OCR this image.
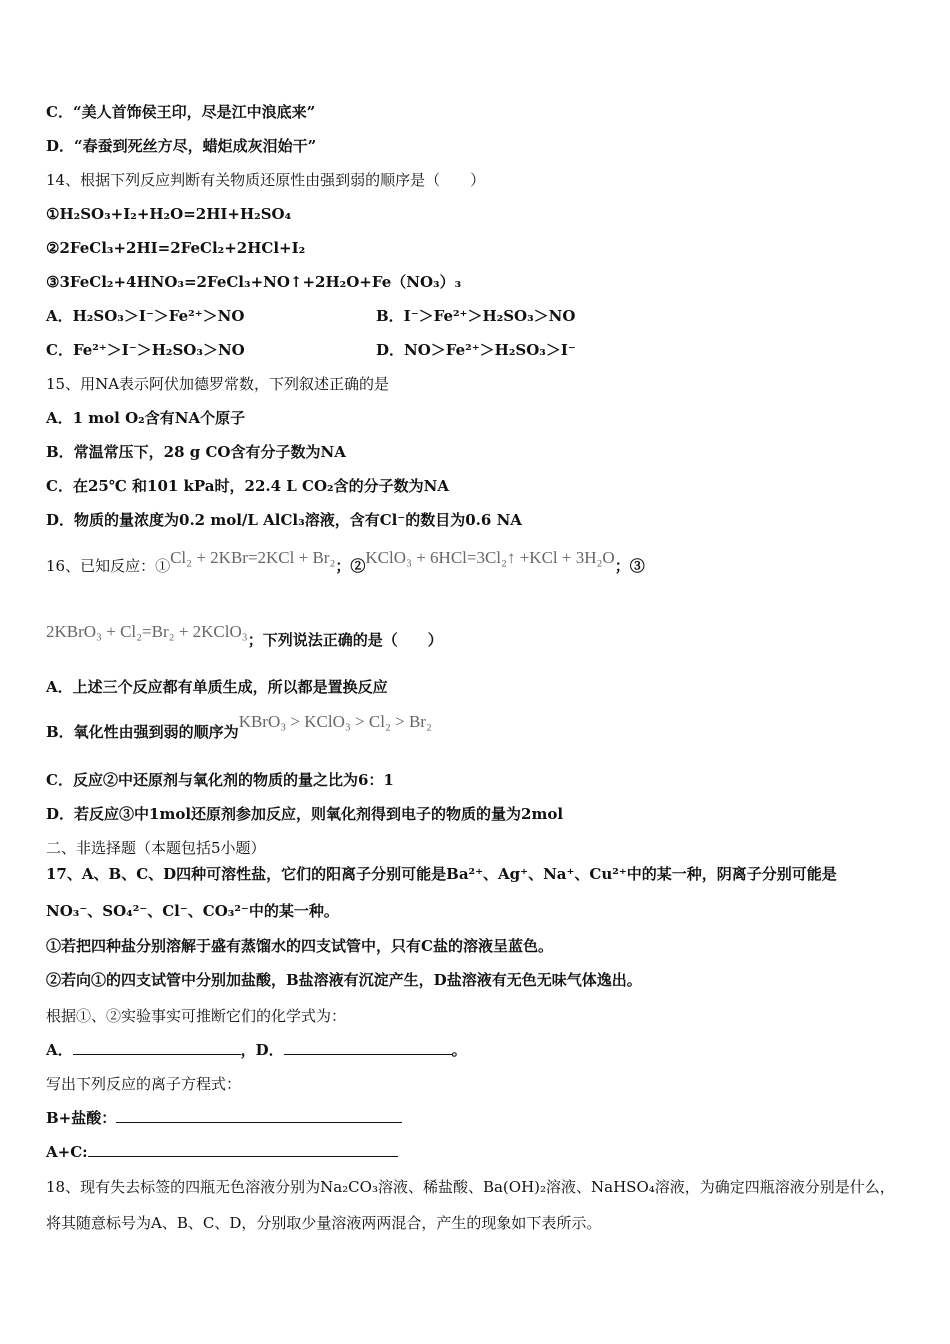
C．“美人首饰侯王印，尽是江中浪底来”
D．“春蚕到死丝方尽，蜡炬成灰泪始干”
14、根据下列反应判断有关物质还原性由强到弱的顺序是（　　）
①H₂SO₃+I₂+H₂O=2HI+H₂SO₄
②2FeCl₃+2HI=2FeCl₂+2HCl+I₂
③3FeCl₂+4HNO₃=2FeCl₃+NO↑+2H₂O+Fe（NO₃）₃
A．H₂SO₃＞I⁻＞Fe²⁺＞NO	B．I⁻＞Fe²⁺＞H₂SO₃＞NO
C．Fe²⁺＞I⁻＞H₂SO₃＞NO	D．NO＞Fe²⁺＞H₂SO₃＞I⁻
15、用NA表示阿伏加德罗常数，下列叙述正确的是
A．1 mol O₂含有NA个原子
B．常温常压下，28 g CO含有分子数为NA
C．在25℃ 和101 kPa时，22.4 L CO₂含的分子数为NA
D．物质的量浓度为0.2 mol/L AlCl₃溶液，含有Cl⁻的数目为0.6 NA
16、已知反应：①Cl₂ + 2KBr=2KCl + Br₂；②KClO₃ + 6HCl=3Cl₂↑ +KCl + 3H₂O；③
2KBrO₃ + Cl₂=Br₂ + 2KClO₃；下列说法正确的是（　　）
A．上述三个反应都有单质生成，所以都是置换反应
B．氧化性由强到弱的顺序为KBrO₃ > KClO₃ > Cl₂ > Br₂
C．反应②中还原剂与氧化剂的物质的量之比为6：1
D．若反应③中1mol还原剂参加反应，则氧化剂得到电子的物质的量为2mol
二、非选择题（本题包括5小题）
17、A、B、C、D四种可溶性盐，它们的阳离子分别可能是Ba²⁺、Ag⁺、Na⁺、Cu²⁺中的某一种，阴离子分别可能是
NO₃⁻、SO₄²⁻、Cl⁻、CO₃²⁻中的某一种。
①若把四种盐分别溶解于盛有蒸馏水的四支试管中，只有C盐的溶液呈蓝色。
②若向①的四支试管中分别加盐酸，B盐溶液有沉淀产生，D盐溶液有无色无味气体逸出。
根据①、②实验事实可推断它们的化学式为：
A．	，D．	。
写出下列反应的离子方程式：
B+盐酸：
A+C:
18、现有失去标签的四瓶无色溶液分别为Na₂CO₃溶液、稀盐酸、Ba(OH)₂溶液、NaHSO₄溶液，为确定四瓶溶液分别是什么，
将其随意标号为A、B、C、D，分别取少量溶液两两混合，产生的现象如下表所示。
